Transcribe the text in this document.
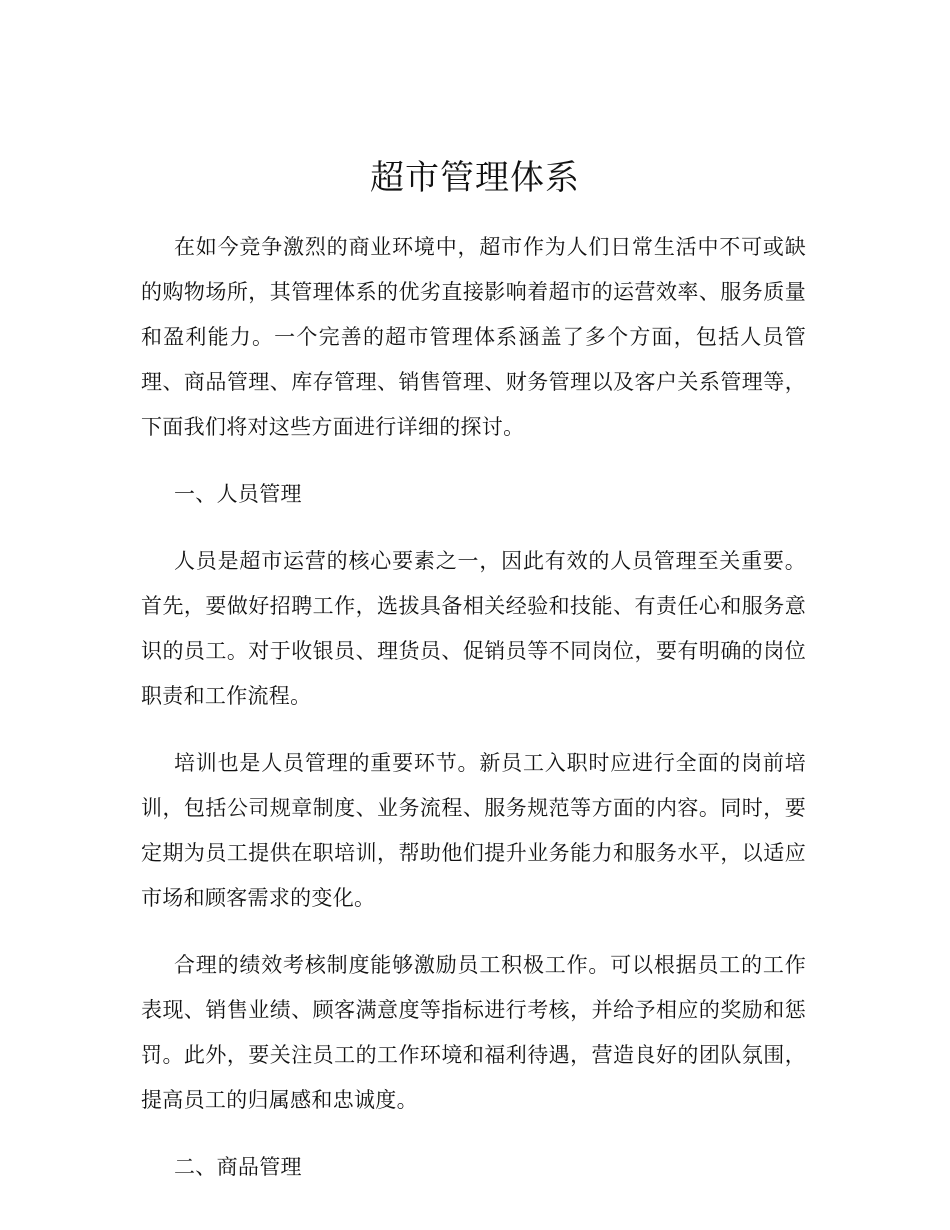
超市管理体系

在如今竞争激烈的商业环境中，超市作为人们日常生活中不可或缺的购物场所，其管理体系的优劣直接影响着超市的运营效率、服务质量和盈利能力。一个完善的超市管理体系涵盖了多个方面，包括人员管理、商品管理、库存管理、销售管理、财务管理以及客户关系管理等，下面我们将对这些方面进行详细的探讨。

一、人员管理

人员是超市运营的核心要素之一，因此有效的人员管理至关重要。首先，要做好招聘工作，选拔具备相关经验和技能、有责任心和服务意识的员工。对于收银员、理货员、促销员等不同岗位，要有明确的岗位职责和工作流程。

培训也是人员管理的重要环节。新员工入职时应进行全面的岗前培训，包括公司规章制度、业务流程、服务规范等方面的内容。同时，要定期为员工提供在职培训，帮助他们提升业务能力和服务水平，以适应市场和顾客需求的变化。

合理的绩效考核制度能够激励员工积极工作。可以根据员工的工作表现、销售业绩、顾客满意度等指标进行考核，并给予相应的奖励和惩罚。此外，要关注员工的工作环境和福利待遇，营造良好的团队氛围，提高员工的归属感和忠诚度。

二、商品管理
